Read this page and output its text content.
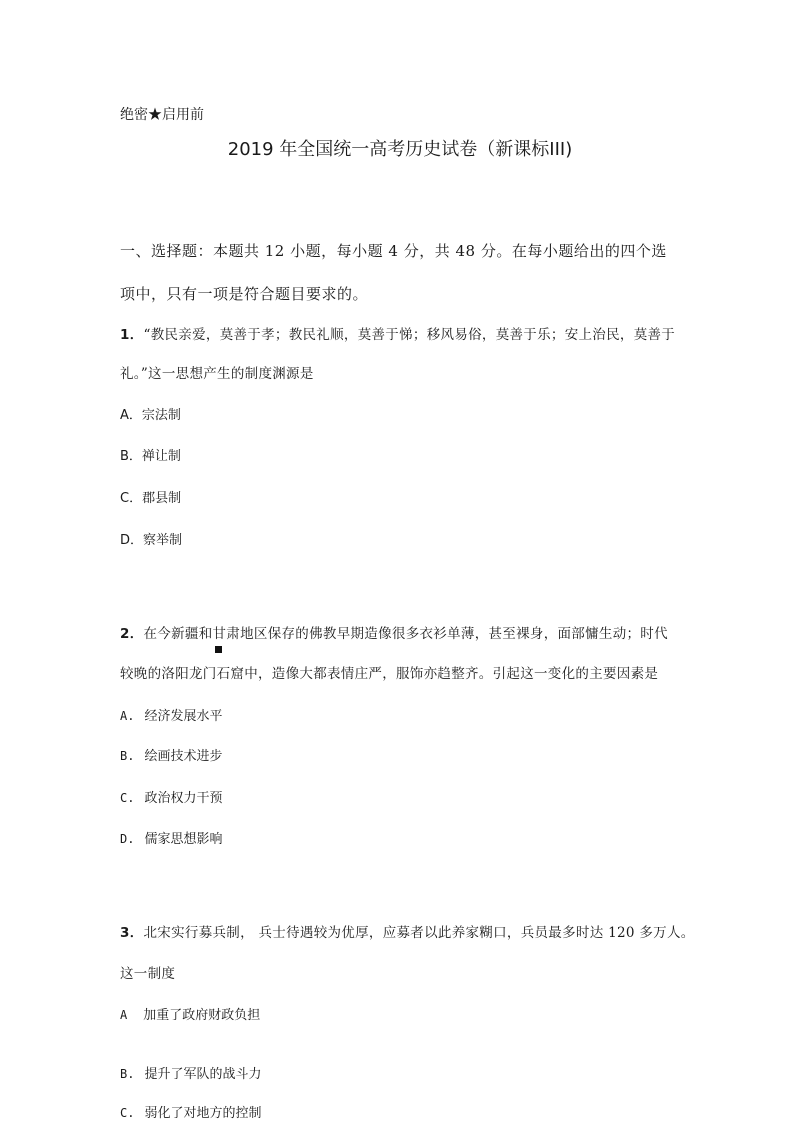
绝密★启用前
2019 年全国统一高考历史试卷（新课标III)
一、选择题：本题共 12 小题，每小题 4 分，共 48 分。在每小题给出的四个选
项中，只有一项是符合题目要求的。
1．“教民亲爱，莫善于孝；教民礼顺，莫善于悌；移风易俗，莫善于乐；安上治民，莫善于
礼。”这一思想产生的制度渊源是
A．宗法制
B．禅让制
C．郡县制
D．察举制
2．在今新疆和甘肃地区保存的佛教早期造像很多衣衫单薄，甚至裸身，面部慵生动；时代
较晚的洛阳龙门石窟中，造像大都表情庄严，服饰亦趋整齐。引起这一变化的主要因素是
A. 经济发展水平
B. 绘画技术进步
C. 政治权力干预
D. 儒家思想影响
3．北宋实行募兵制， 兵士待遇较为优厚，应募者以此养家糊口，兵员最多时达 120 多万人。
这一制度
A 加重了政府财政负担
B. 提升了军队的战斗力
C. 弱化了对地方的控制
